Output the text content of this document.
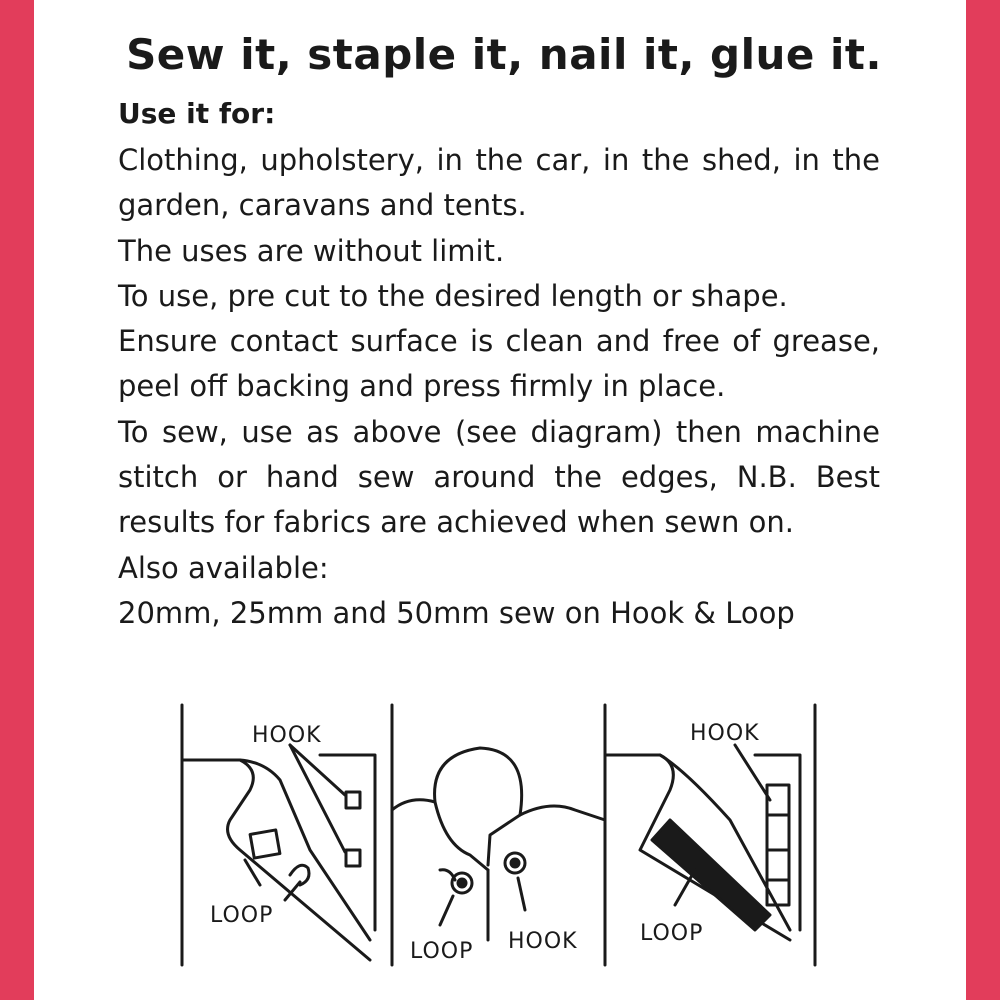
Sew it, staple it, nail it, glue it.
Use it for:

Clothing, upholstery, in the car, in the shed, in the garden, caravans and tents.

The uses are without limit.

To use, pre cut to the desired length or shape.

Ensure contact surface is clean and free of grease, peel off backing and press firmly in place.

To sew, use as above (see diagram) then machine stitch or hand sew around the edges, N.B. Best results for fabrics are achieved when sewn on.

Also available:

20mm, 25mm and 50mm sew on Hook & Loop

HOOK
LOOP
LOOP HOOK
HOOK
LOOP
